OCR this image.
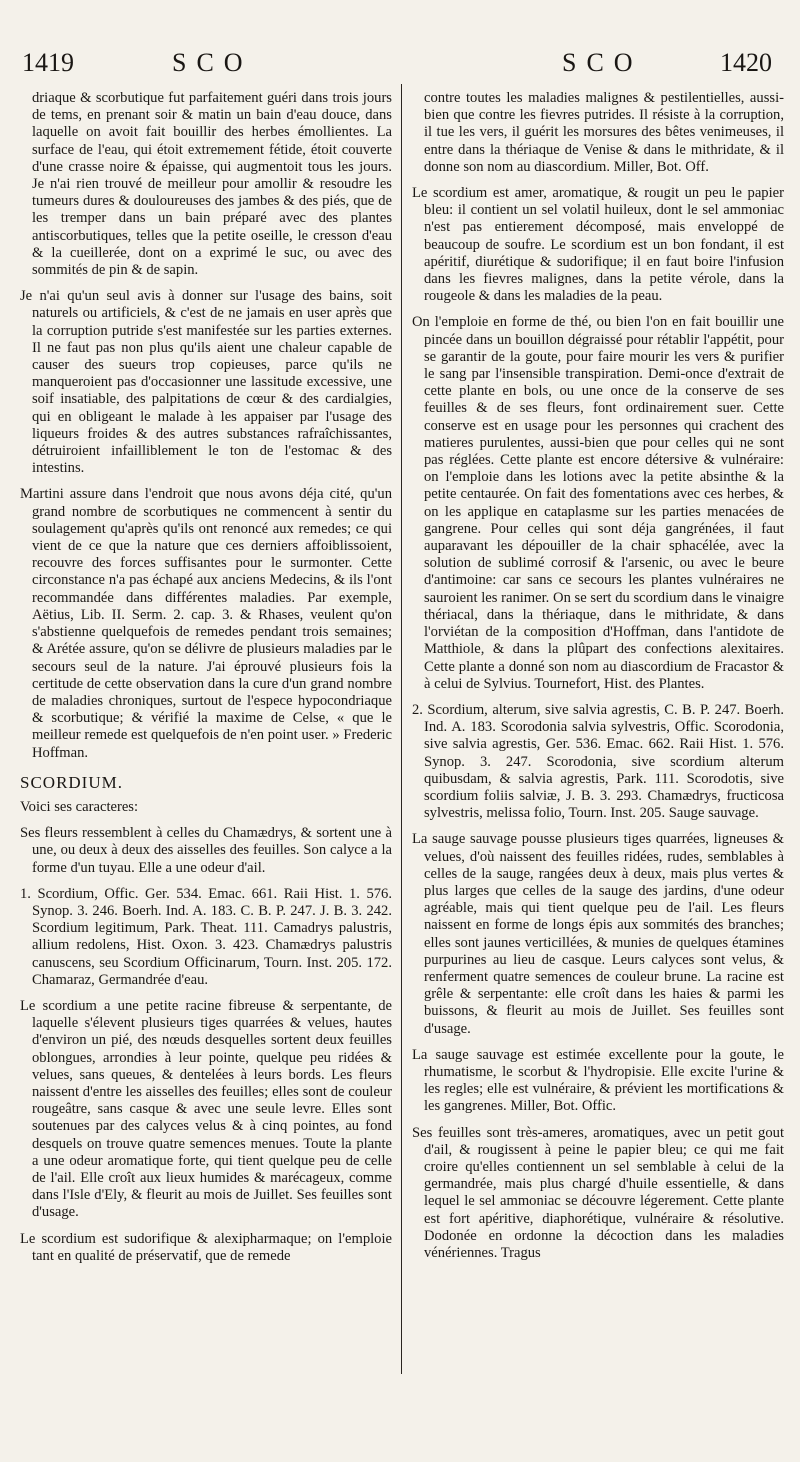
1419	SCO	SCO	1420

driaque & scorbutique fut parfaitement guéri dans trois jours de tems, en prenant soir & matin un bain d'eau douce, dans laquelle on avoit fait bouillir des herbes émollientes. La surface de l'eau, qui étoit extremement fétide, étoit couverte d'une crasse noire & épaisse, qui augmentoit tous les jours. Je n'ai rien trouvé de meilleur pour amollir & resoudre les tumeurs dures & douloureuses des jambes & des piés, que de les tremper dans un bain préparé avec des plantes antiscorbutiques, telles que la petite oseille, le cresson d'eau & la cueillerée, dont on a exprimé le suc, ou avec des sommités de pin & de sapin.

Je n'ai qu'un seul avis à donner sur l'usage des bains, soit naturels ou artificiels, & c'est de ne jamais en user après que la corruption putride s'est manifestée sur les parties externes. Il ne faut pas non plus qu'ils aient une chaleur capable de causer des sueurs trop copieuses, parce qu'ils ne manqueroient pas d'occasionner une lassitude excessive, une soif insatiable, des palpitations de cœur & des cardialgies, qui en obligeant le malade à les appaiser par l'usage des liqueurs froides & des autres substances rafraîchissantes, détruiroient infailliblement le ton de l'estomac & des intestins.

Martini assure dans l'endroit que nous avons déja cité, qu'un grand nombre de scorbutiques ne commencent à sentir du soulagement qu'après qu'ils ont renoncé aux remedes; ce qui vient de ce que la nature que ces derniers affoiblissoient, recouvre des forces suffisantes pour le surmonter. Cette circonstance n'a pas échapé aux anciens Medecins, & ils l'ont recommandée dans différentes maladies. Par exemple, Aëtius, Lib. II. Serm. 2. cap. 3. & Rhases, veulent qu'on s'abstienne quelquefois de remedes pendant trois semaines; & Arétée assure, qu'on se délivre de plusieurs maladies par le secours seul de la nature. J'ai éprouvé plusieurs fois la certitude de cette observation dans la cure d'un grand nombre de maladies chroniques, surtout de l'espece hypocondriaque & scorbutique; & vérifié la maxime de Celse, « que le meilleur remede est quelquefois de n'en point user. » Frederic Hoffman.

SCORDIUM.

Voici ses caracteres:

Ses fleurs ressemblent à celles du Chamædrys, & sortent une à une, ou deux à deux des aisselles des feuilles. Son calyce a la forme d'un tuyau. Elle a une odeur d'ail.

1. Scordium, Offic. Ger. 534. Emac. 661. Raii Hist. 1. 576. Synop. 3. 246. Boerh. Ind. A. 183. C. B. P. 247. J. B. 3. 242. Scordium legitimum, Park. Theat. 111. Camadrys palustris, allium redolens, Hist. Oxon. 3. 423. Chamædrys palustris canuscens, seu Scordium Officinarum, Tourn. Inst. 205. 172. Chamaraz, Germandrée d'eau.

Le scordium a une petite racine fibreuse & serpentante, de laquelle s'élevent plusieurs tiges quarrées & velues, hautes d'environ un pié, des nœuds desquelles sortent deux feuilles oblongues, arrondies à leur pointe, quelque peu ridées & velues, sans queues, & dentelées à leurs bords. Les fleurs naissent d'entre les aisselles des feuilles; elles sont de couleur rougeâtre, sans casque & avec une seule levre. Elles sont soutenues par des calyces velus & à cinq pointes, au fond desquels on trouve quatre semences menues. Toute la plante a une odeur aromatique forte, qui tient quelque peu de celle de l'ail. Elle croît aux lieux humides & marécageux, comme dans l'Isle d'Ely, & fleurit au mois de Juillet. Ses feuilles sont d'usage.

Le scordium est sudorifique & alexipharmaque; on l'emploie tant en qualité de préservatif, que de remede

contre toutes les maladies malignes & pestilentielles, aussi-bien que contre les fievres putrides. Il résiste à la corruption, il tue les vers, il guérit les morsures des bêtes venimeuses, il entre dans la thériaque de Venise & dans le mithridate, & il donne son nom au diascordium. Miller, Bot. Off.

Le scordium est amer, aromatique, & rougit un peu le papier bleu: il contient un sel volatil huileux, dont le sel ammoniac n'est pas entierement décomposé, mais enveloppé de beaucoup de soufre. Le scordium est un bon fondant, il est apéritif, diurétique & sudorifique; il en faut boire l'infusion dans les fievres malignes, dans la petite vérole, dans la rougeole & dans les maladies de la peau.

On l'emploie en forme de thé, ou bien l'on en fait bouillir une pincée dans un bouillon dégraissé pour rétablir l'appétit, pour se garantir de la goute, pour faire mourir les vers & purifier le sang par l'insensible transpiration. Demi-once d'extrait de cette plante en bols, ou une once de la conserve de ses feuilles & de ses fleurs, font ordinairement suer. Cette conserve est en usage pour les personnes qui crachent des matieres purulentes, aussi-bien que pour celles qui ne sont pas réglées. Cette plante est encore détersive & vulnéraire: on l'emploie dans les lotions avec la petite absinthe & la petite centaurée. On fait des fomentations avec ces herbes, & on les applique en cataplasme sur les parties menacées de gangrene. Pour celles qui sont déja gangrénées, il faut auparavant les dépouiller de la chair sphacélée, avec la solution de sublimé corrosif & l'arsenic, ou avec le beure d'antimoine: car sans ce secours les plantes vulnéraires ne sauroient les ranimer. On se sert du scordium dans le vinaigre thériacal, dans la thériaque, dans le mithridate, & dans l'orviétan de la composition d'Hoffman, dans l'antidote de Matthiole, & dans la plûpart des confections alexitaires. Cette plante a donné son nom au diascordium de Fracastor & à celui de Sylvius. Tournefort, Hist. des Plantes.

2. Scordium, alterum, sive salvia agrestis, C. B. P. 247. Boerh. Ind. A. 183. Scorodonia salvia sylvestris, Offic. Scorodonia, sive salvia agrestis, Ger. 536. Emac. 662. Raii Hist. 1. 576. Synop. 3. 247. Scorodonia, sive scordium alterum quibusdam, & salvia agrestis, Park. 111. Scorodotis, sive scordium foliis salviæ, J. B. 3. 293. Chamædrys, fructicosa sylvestris, melissa folio, Tourn. Inst. 205. Sauge sauvage.

La sauge sauvage pousse plusieurs tiges quarrées, ligneuses & velues, d'où naissent des feuilles ridées, rudes, semblables à celles de la sauge, rangées deux à deux, mais plus vertes & plus larges que celles de la sauge des jardins, d'une odeur agréable, mais qui tient quelque peu de l'ail. Les fleurs naissent en forme de longs épis aux sommités des branches; elles sont jaunes verticillées, & munies de quelques étamines purpurines au lieu de casque. Leurs calyces sont velus, & renferment quatre semences de couleur brune. La racine est grêle & serpentante: elle croît dans les haies & parmi les buissons, & fleurit au mois de Juillet. Ses feuilles sont d'usage.

La sauge sauvage est estimée excellente pour la goute, le rhumatisme, le scorbut & l'hydropisie. Elle excite l'urine & les regles; elle est vulnéraire, & prévient les mortifications & les gangrenes. Miller, Bot. Offic.

Ses feuilles sont très-ameres, aromatiques, avec un petit gout d'ail, & rougissent à peine le papier bleu; ce qui me fait croire qu'elles contiennent un sel semblable à celui de la germandrée, mais plus chargé d'huile essentielle, & dans lequel le sel ammoniac se découvre légerement. Cette plante est fort apéritive, diaphorétique, vulnéraire & résolutive. Dodonée en ordonne la décoction dans les maladies vénériennes. Tragus
